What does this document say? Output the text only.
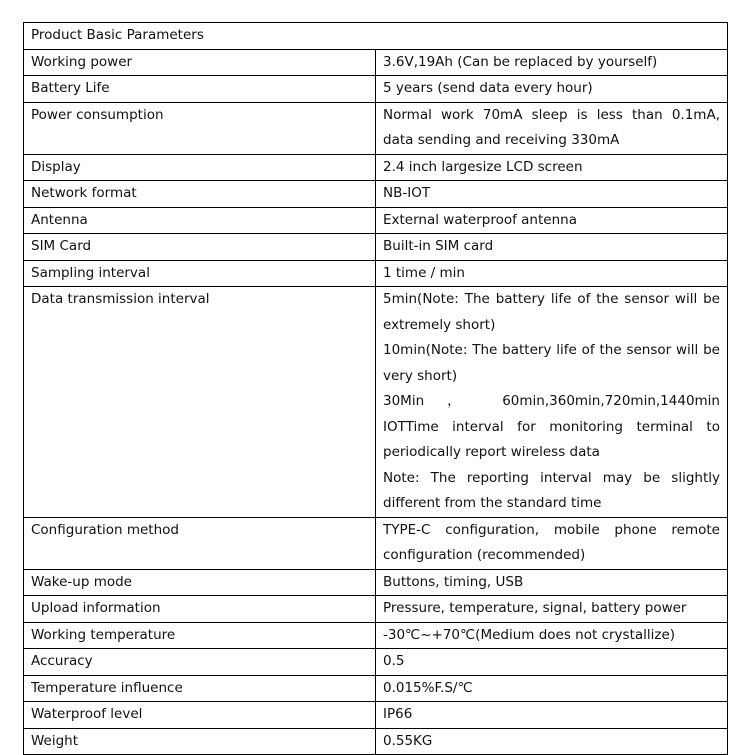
Product Basic Parameters	
Working power	3.6V,19Ah (Can be replaced by yourself)

Battery Life	5 years (send data every hour)

Power consumption	Normal work 70mA sleep is less than 0.1mA, data sending and receiving 330mA

Display	2.4 inch largesize LCD screen

Network format	NB-IOT

Antenna	External waterproof antenna

SIM Card	Built-in SIM card

Sampling interval	1 time / min

Data transmission interval	5min(Note: The battery life of the sensor will be extremely short)
10min(Note: The battery life of the sensor will be very short)
30Min ， 60min,360min,720min,1440min IOTTime interval for monitoring terminal to periodically report wireless data
Note: The reporting interval may be slightly different from the standard time

Configuration method	TYPE-C configuration, mobile phone remote configuration (recommended)

Wake-up mode	Buttons, timing, USB

Upload information	Pressure, temperature, signal, battery power

Working temperature	-30℃~+70℃(Medium does not crystallize)

Accuracy	0.5

Temperature influence	0.015%F.S/℃

Waterproof level	IP66

Weight	0.55KG
